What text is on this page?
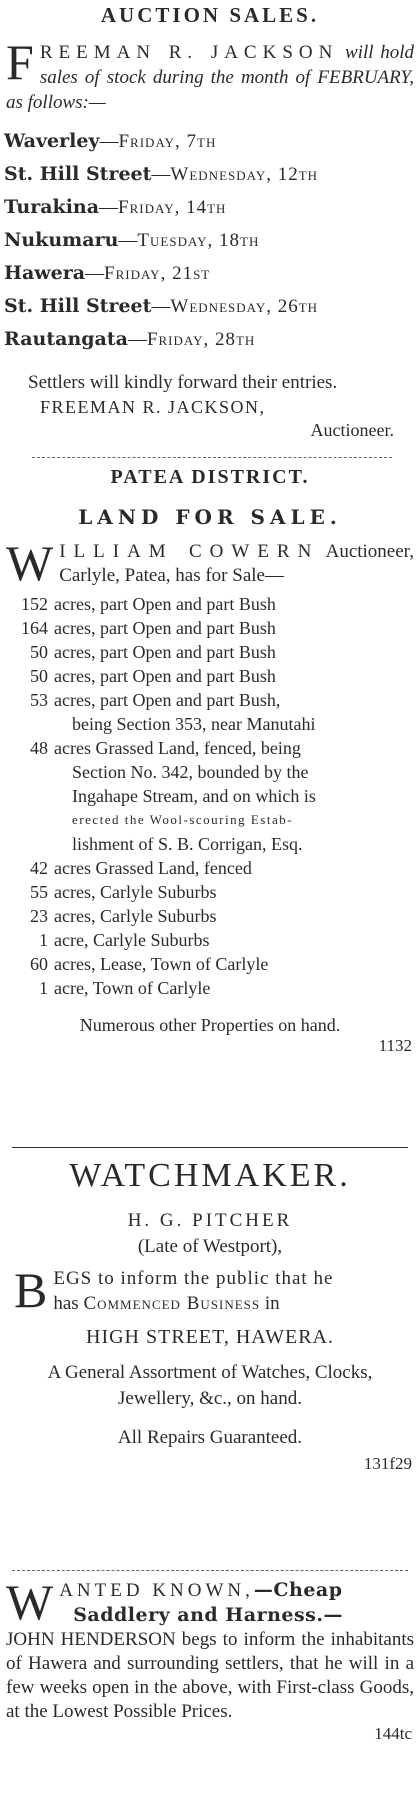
AUCTION SALES.
FREEMAN R. JACKSON will hold sales of stock during the month of FEBRUARY, as follows:—
Waverley—Friday, 7th
St. Hill Street—Wednesday, 12th
Turakina—Friday, 14th
Nukumaru—Tuesday, 18th
Hawera—Friday, 21st
St. Hill Street—Wednesday, 26th
Rautangata—Friday, 28th
Settlers will kindly forward their entries.
FREEMAN R. JACKSON,
Auctioneer.
PATEA DISTRICT.
LAND FOR SALE.
WILLIAM COWERN Auctioneer, Carlyle, Patea, has for Sale—
152 acres, part Open and part Bush
164 acres, part Open and part Bush
50 acres, part Open and part Bush
50 acres, part Open and part Bush
53 acres, part Open and part Bush,
being Section 353, near Manutahi
48 acres Grassed Land, fenced, being
Section No. 342, bounded by the
Ingahape Stream, and on which is
erected the Wool-scouring Estab-
lishment of S. B. Corrigan, Esq.
42 acres Grassed Land, fenced
55 acres, Carlyle Suburbs
23 acres, Carlyle Suburbs
1 acre, Carlyle Suburbs
60 acres, Lease, Town of Carlyle
1 acre, Town of Carlyle
Numerous other Properties on hand.

1132

WATCHMAKER.
H. G. PITCHER
(Late of Westport),
BEGS to inform the public that he
has Commenced Business in
HIGH STREET, HAWERA.
A General Assortment of Watches, Clocks, Jewellery, &c., on hand.
All Repairs Guaranteed.

131f29

WANTED KNOWN,—Cheap
Saddlery and Harness.—
JOHN HENDERSON begs to inform the inhabitants of Hawera and surrounding settlers, that he will in a few weeks open in the above, with First-class Goods, at the Lowest Possible Prices.

144tc
